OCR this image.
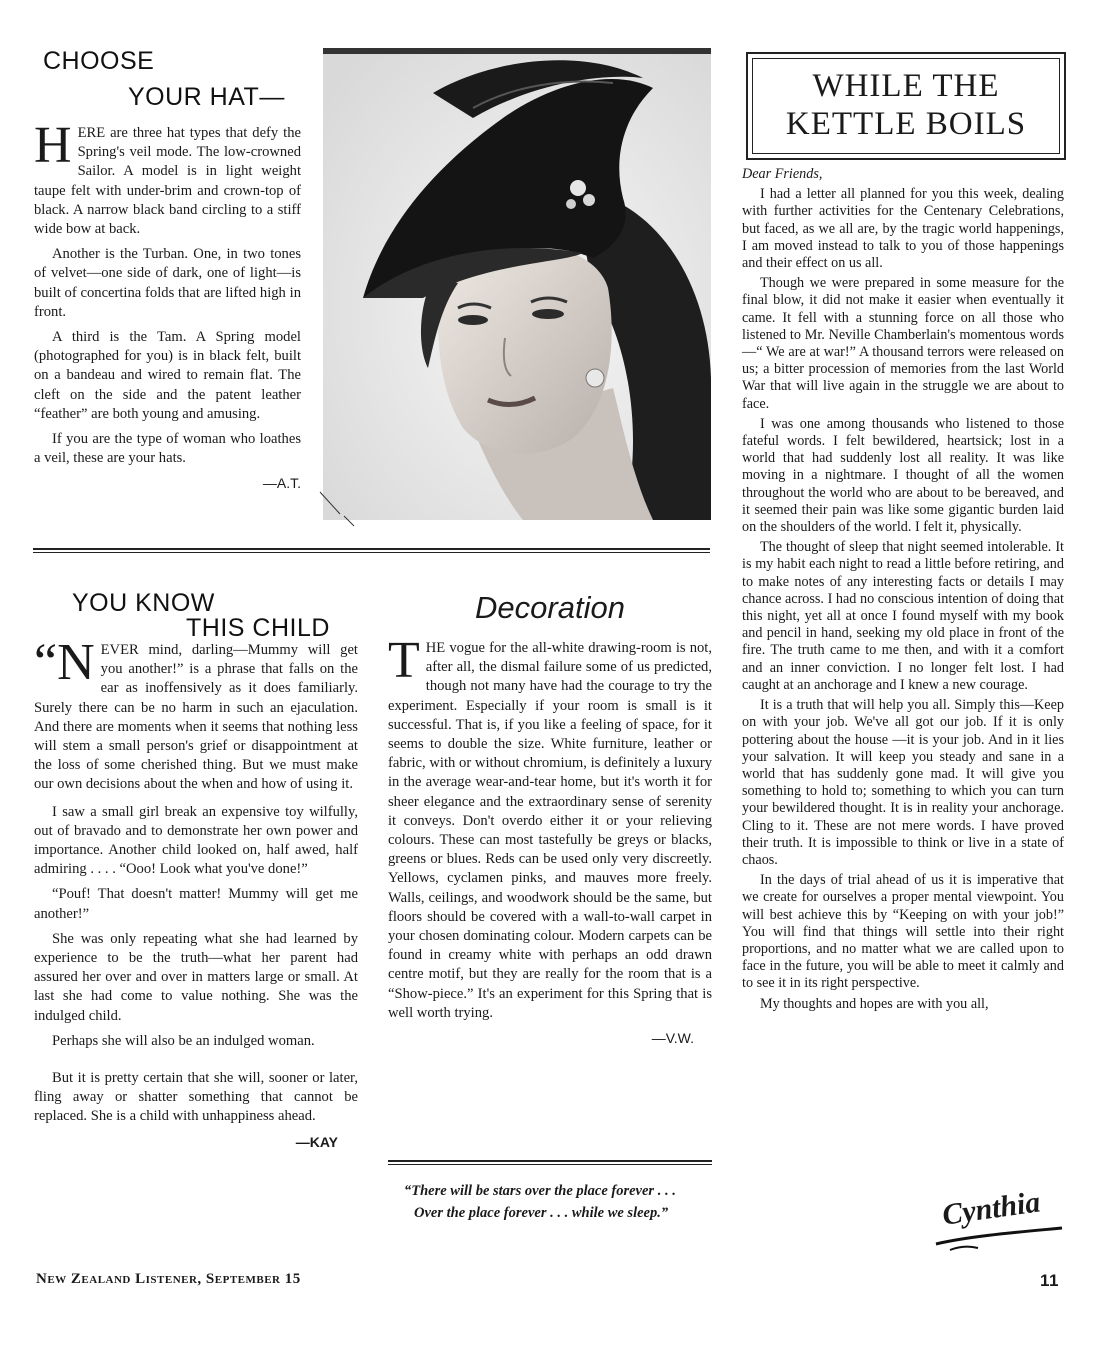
CHOOSE
YOUR HAT—

H ERE are three hat types that defy the Spring's veil mode. The low-crowned Sailor. A model is in light weight taupe felt with under-brim and crown-top of black. A narrow black band circling to a stiff wide bow at back.

Another is the Turban. One, in two tones of velvet—one side of dark, one of light—is built of concertina folds that are lifted high in front.

A third is the Tam. A Spring model (photographed for you) is in black felt, built on a bandeau and wired to remain flat. The cleft on the side and the patent leather “feather” are both young and amusing.

If you are the type of woman who loathes a veil, these are your hats.

—A.T.
YOU KNOW
THIS CHILD

“N EVER mind, darling—Mummy will get you another!” is a phrase that falls on the ear as inoffensively as it does familiarly. Surely there can be no harm in such an ejaculation. And there are moments when it seems that nothing less will stem a small person's grief or disappointment at the loss of some cherished thing. But we must make our own decisions about the when and how of using it.

I saw a small girl break an expensive toy wilfully, out of bravado and to demonstrate her own power and importance. Another child looked on, half awed, half admiring . . . . “Ooo! Look what you've done!”

“Pouf! That doesn't matter! Mummy will get me another!”

She was only repeating what she had learned by experience to be the truth—what her parent had assured her over and over in matters large or small. At last she had come to value nothing. She was the indulged child.

Perhaps she will also be an indulged woman.

But it is pretty certain that she will, sooner or later, fling away or shatter something that cannot be replaced. She is a child with unhappiness ahead.

—KAY
Decoration

T HE vogue for the all-white drawing-room is not, after all, the dismal failure some of us predicted, though not many have had the courage to try the experiment. Especially if your room is small is it successful. That is, if you like a feeling of space, for it seems to double the size. White furniture, leather or fabric, with or without chromium, is definitely a luxury in the average wear-and-tear home, but it's worth it for sheer elegance and the extraordinary sense of serenity it conveys. Don't overdo either it or your relieving colours. These can most tastefully be greys or blacks, greens or blues. Reds can be used only very discreetly. Yellows, cyclamen pinks, and mauves more freely. Walls, ceilings, and woodwork should be the same, but floors should be covered with a wall-to-wall carpet in your chosen dominating colour. Modern carpets can be found in creamy white with perhaps an odd drawn centre motif, but they are really for the room that is a “Show-piece.” It's an experiment for this Spring that is well worth trying.

—V.W.
“There will be stars over the place forever . . .
Over the place forever . . . while we sleep.”
WHILE THE
KETTLE BOILS

Dear Friends,

I had a letter all planned for you this week, dealing with further activities for the Centenary Celebrations, but faced, as we all are, by the tragic world happenings, I am moved instead to talk to you of those happenings and their effect on us all.

Though we were prepared in some measure for the final blow, it did not make it easier when eventually it came. It fell with a stunning force on all those who listened to Mr. Neville Chamberlain's momentous words —“ We are at war!” A thousand terrors were released on us; a bitter procession of memories from the last World War that will live again in the struggle we are about to face.

I was one among thousands who listened to those fateful words. I felt bewildered, heartsick; lost in a world that had suddenly lost all reality. It was like moving in a nightmare. I thought of all the women throughout the world who are about to be bereaved, and it seemed their pain was like some gigantic burden laid on the shoulders of the world. I felt it, physically.

The thought of sleep that night seemed intolerable. It is my habit each night to read a little before retiring, and to make notes of any interesting facts or details I may chance across. I had no conscious intention of doing that this night, yet all at once I found myself with my book and pencil in hand, seeking my old place in front of the fire. The truth came to me then, and with it a comfort and an inner conviction. I no longer felt lost. I had caught at an anchorage and I knew a new courage.

It is a truth that will help you all. Simply this—Keep on with your job. We've all got our job. If it is only pottering about the house —it is your job. And in it lies your salvation. It will keep you steady and sane in a world that has suddenly gone mad. It will give you something to hold to; something to which you can turn your bewildered thought. It is in reality your anchorage. Cling to it. These are not mere words. I have proved their truth. It is impossible to think or live in a state of chaos.

In the days of trial ahead of us it is imperative that we create for ourselves a proper mental viewpoint. You will best achieve this by “Keeping on with your job!” You will find that things will settle into their right proportions, and no matter what we are called upon to face in the future, you will be able to meet it calmly and to see it in its right perspective.

My thoughts and hopes are with you all,

Cynthia
New Zealand Listener, September 15	11
